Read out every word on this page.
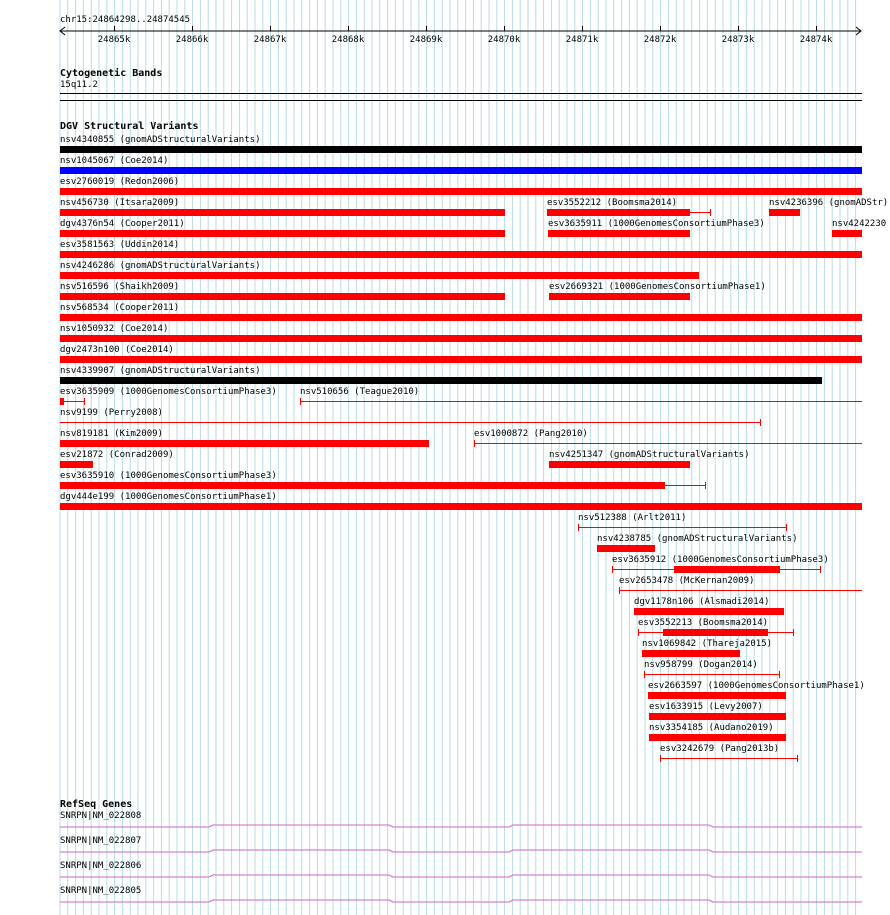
chr15:24864298..24874545
24865k	24866k	24867k	24868k	24869k	24870k	24871k	24872k	24873k	24874k
Cytogenetic Bands
15q11.2
DGV Structural Variants
nsv4340855 (gnomADStructuralVariants)
nsv1045067 (Coe2014)
esv2760019 (Redon2006)
nsv456730 (Itsara2009)	esv3552212 (Boomsma2014)	nsv4236396 (gnomADStr)
dgv4376n54 (Cooper2011)	esv3635911 (1000GenomesConsortiumPhase3)	nsv4242230
esv3581563 (Uddin2014)
nsv4246286 (gnomADStructuralVariants)
nsv516596 (Shaikh2009)	esv2669321 (1000GenomesConsortiumPhase1)
nsv568534 (Cooper2011)
nsv1050932 (Coe2014)
dgv2473n100 (Coe2014)
nsv4339907 (gnomADStructuralVariants)
esv3635909 (1000GenomesConsortiumPhase3)	nsv510656 (Teague2010)
nsv9199 (Perry2008)
nsv819181 (Kim2009)	esv1000872 (Pang2010)
esv21872 (Conrad2009)	nsv4251347 (gnomADStructuralVariants)
esv3635910 (1000GenomesConsortiumPhase3)
dgv444e199 (1000GenomesConsortiumPhase1)
nsv512388 (Arlt2011)
nsv4238785 (gnomADStructuralVariants)
esv3635912 (1000GenomesConsortiumPhase3)
esv2653478 (McKernan2009)
dgv1178n106 (Alsmadi2014)
esv3552213 (Boomsma2014)
nsv1069842 (Thareja2015)
nsv958799 (Dogan2014)
esv2663597 (1000GenomesConsortiumPhase1)
esv1633915 (Levy2007)
nsv3354185 (Audano2019)
esv3242679 (Pang2013b)
RefSeq Genes
SNRPN|NM_022808
SNRPN|NM_022807
SNRPN|NM_022806
SNRPN|NM_022805
